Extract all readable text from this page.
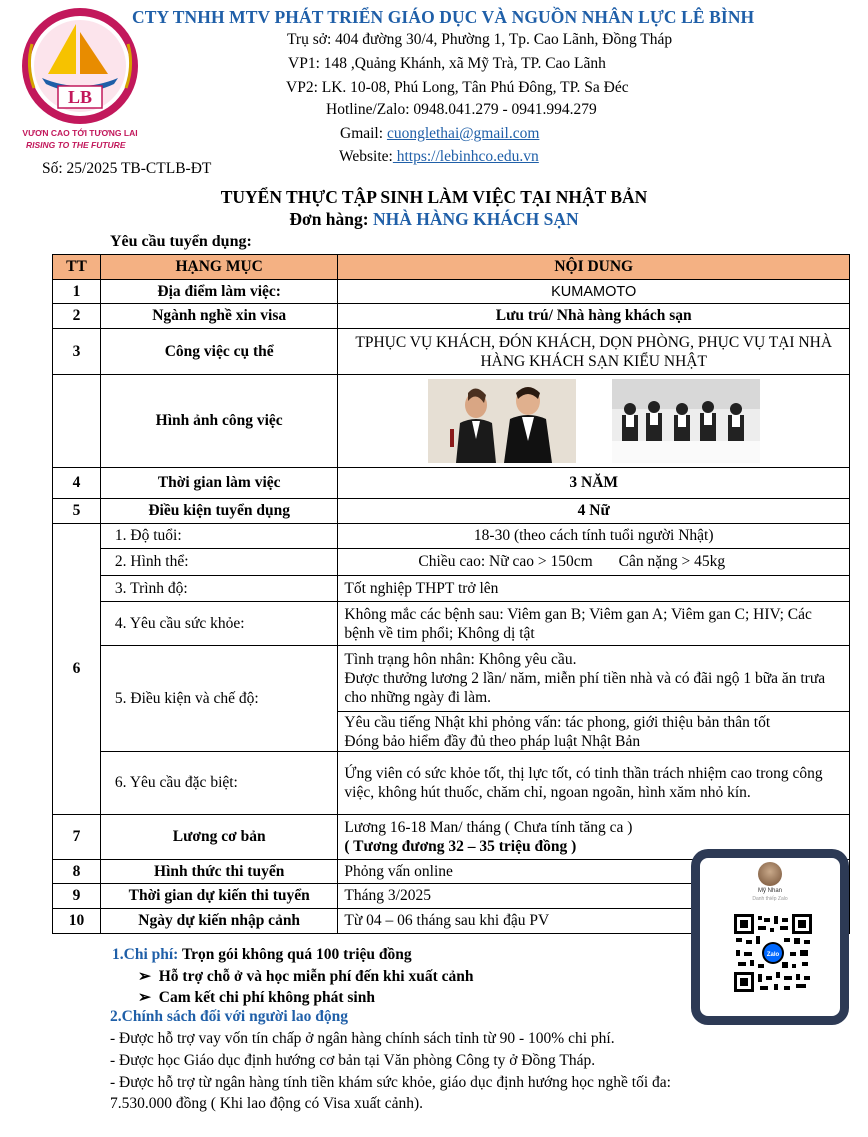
LB
VƯƠN CAO TỚI TƯƠNG LAI
RISING TO THE FUTURE
CTY TNHH MTV PHÁT TRIỂN GIÁO DỤC VÀ NGUỒN NHÂN LỰC LÊ BÌNH
Trụ sở: 404 đường 30/4, Phường 1, Tp. Cao Lãnh, Đồng Tháp
VP1: 148 ,Quảng Khánh, xã Mỹ Trà, TP. Cao Lãnh
VP2: LK. 10-08, Phú Long, Tân Phú Đông, TP. Sa Đéc
Hotline/Zalo: 0948.041.279 - 0941.994.279
Gmail: cuonglethai@gmail.com
Website: https://lebinhco.edu.vn
Số: 25/2025 TB-CTLB-ĐT
TUYỂN THỰC TẬP SINH LÀM VIỆC TẠI NHẬT BẢN
Đơn hàng: NHÀ HÀNG KHÁCH SẠN
Yêu cầu tuyển dụng:
TT	HẠNG MỤC	NỘI DUNG
1	Địa điểm làm việc:	KUMAMOTO
2	Ngành nghề xin visa	Lưu trú/ Nhà hàng khách sạn
3	Công việc cụ thể	TPHỤC VỤ KHÁCH, ĐÓN KHÁCH, DỌN PHÒNG, PHỤC VỤ TẠI NHÀ HÀNG KHÁCH SẠN KIỂU NHẬT
	Hình ảnh công việc	

4	Thời gian làm việc	3 NĂM
5	Điều kiện tuyển dụng	4 Nữ
6	1. Độ tuổi:	18-30 (theo cách tính tuổi người Nhật)
	2. Hình thể:	Chiều cao: Nữ cao > 150cm Cân nặng > 45kg
	3. Trình độ:	Tốt nghiệp THPT trở lên
	4. Yêu cầu sức khỏe:	Không mắc các bệnh sau: Viêm gan B; Viêm gan A; Viêm gan C; HIV; Các bệnh về tim phổi; Không dị tật
	5. Điều kiện và chế độ:	Tình trạng hôn nhân: Không yêu cầu.
Được thưởng lương 2 lần/ năm, miễn phí tiền nhà và có đãi ngộ 1 bữa ăn trưa cho những ngày đi làm.

		Yêu cầu tiếng Nhật khi phỏng vấn: tác phong, giới thiệu bản thân tốt
Đóng bảo hiểm đầy đủ theo pháp luật Nhật Bản

	6. Yêu cầu đặc biệt:	Ứng viên có sức khỏe tốt, thị lực tốt, có tinh thần trách nhiệm cao trong công việc, không hút thuốc, chăm chỉ, ngoan ngoãn, hình xăm nhỏ kín.
7	Lương cơ bản	Lương 16-18 Man/ tháng ( Chưa tính tăng ca )
( Tương đương 32 – 35 triệu đồng )

8	Hình thức thi tuyển	Phỏng vấn online
9	Thời gian dự kiến thi tuyển	Tháng 3/2025
10	Ngày dự kiến nhập cảnh	Từ 04 – 06 tháng sau khi đậu PV
1.Chi phí: Trọn gói không quá 100 triệu đồng
➢ Hỗ trợ chỗ ở và học miễn phí đến khi xuất cảnh
➢ Cam kết chi phí không phát sinh
2.Chính sách đối với người lao động
- Được hỗ trợ vay vốn tín chấp ở ngân hàng chính sách tỉnh từ 90 - 100% chi phí.
- Được học Giáo dục định hướng cơ bản tại Văn phòng Công ty ở Đồng Tháp.
- Được hỗ trợ từ ngân hàng tính tiền khám sức khỏe, giáo dục định hướng học nghề tối đa:
7.530.000 đồng ( Khi lao động có Visa xuất cảnh).
Mỹ Nhan
Danh thiếp Zalo
Zalo
